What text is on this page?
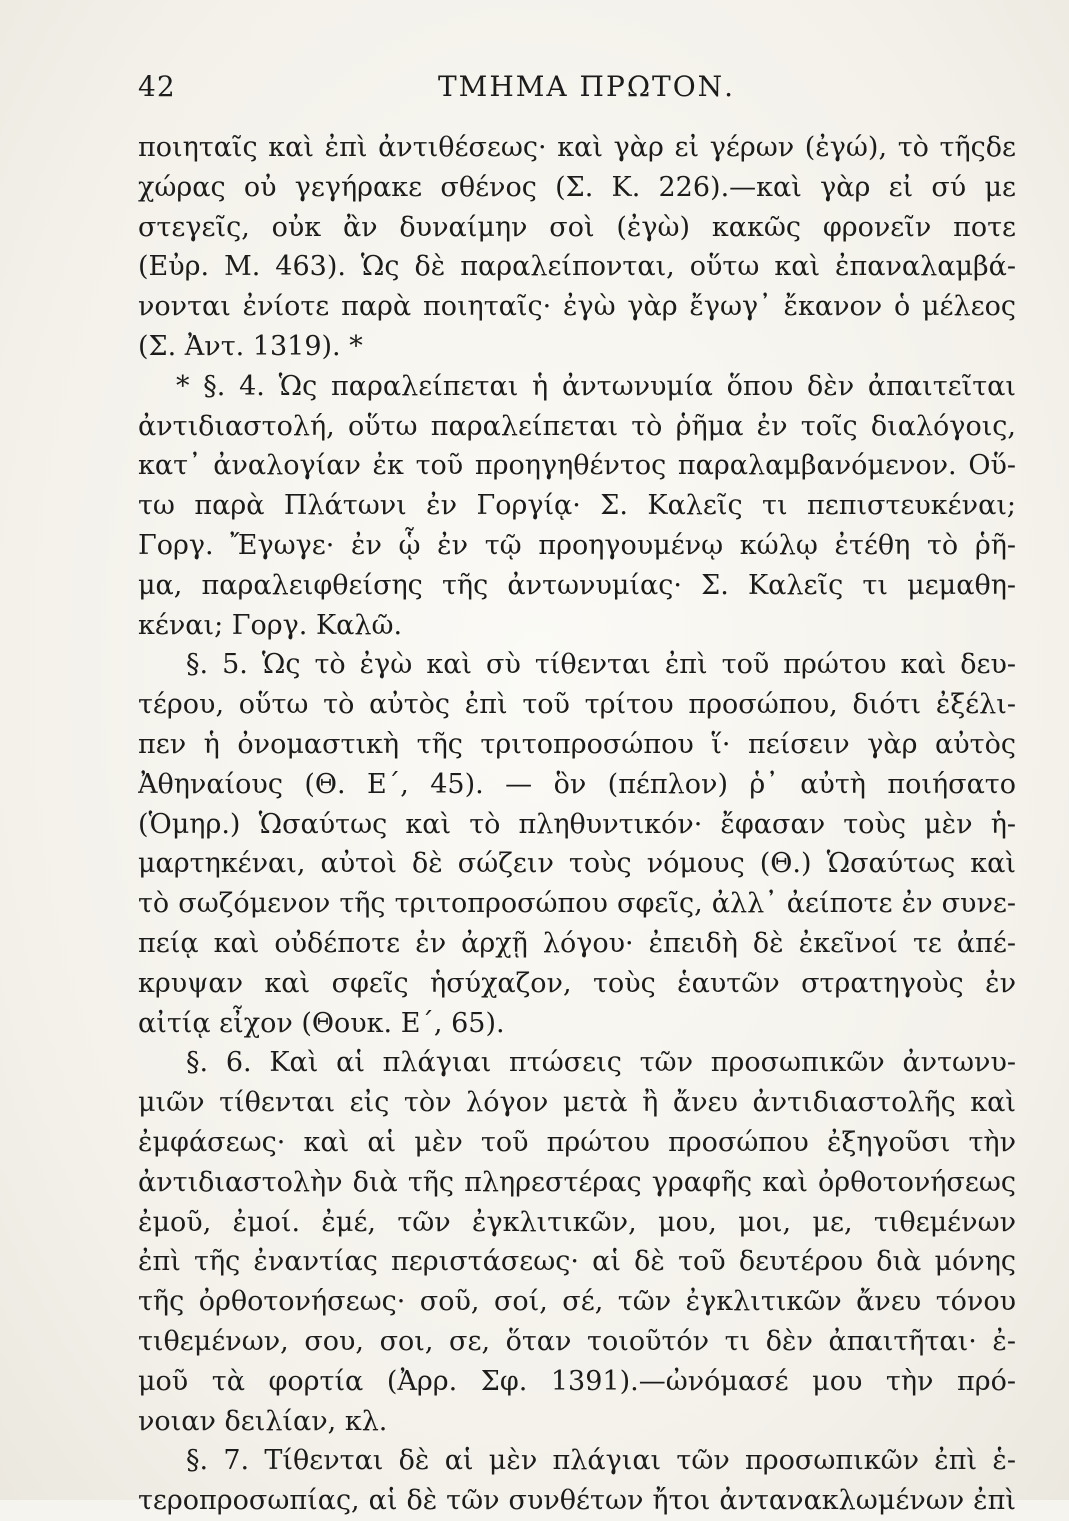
42	ΤΜΗΜΑ ΠΡΩΤΟΝ.
ποιηταῖς καὶ ἐπὶ ἀντιθέσεως· καὶ γὰρ εἰ γέρων (ἐγώ), τὸ τῆςδε
χώρας οὐ γεγήρακε σθένος (Σ. Κ. 226).—καὶ γὰρ εἰ σύ με
στεγεῖς, οὐκ ἂν δυναίμην σοὶ (ἐγὼ) κακῶς φρονεῖν ποτε
(Εὐρ. Μ. 463). Ὡς δὲ παραλείπονται, οὕτω καὶ ἐπαναλαμβά-
νονται ἐνίοτε παρὰ ποιηταῖς· ἐγὼ γὰρ ἔγωγ᾽ ἔκανον ὁ μέλεος
(Σ. Ἀντ. 1319). *
* §. 4. Ὡς παραλείπεται ἡ ἀντωνυμία ὅπου δὲν ἀπαιτεῖται
ἀντιδιαστολή, οὕτω παραλείπεται τὸ ῥῆμα ἐν τοῖς διαλόγοις,
κατ᾽ ἀναλογίαν ἐκ τοῦ προηγηθέντος παραλαμβανόμενον. Οὕ-
τω παρὰ Πλάτωνι ἐν Γοργίᾳ· Σ. Καλεῖς τι πεπιστευκέναι;
Γοργ. Ἔγωγε· ἐν ᾧ ἐν τῷ προηγουμένῳ κώλῳ ἐτέθη τὸ ῥῆ-
μα, παραλειφθείσης τῆς ἀντωνυμίας· Σ. Καλεῖς τι μεμαθη-
κέναι; Γοργ. Καλῶ.
§. 5. Ὡς τὸ ἐγὼ καὶ σὺ τίθενται ἐπὶ τοῦ πρώτου καὶ δευ-
τέρου, οὕτω τὸ αὐτὸς ἐπὶ τοῦ τρίτου προσώπου, διότι ἐξέλι-
πεν ἡ ὀνομαστικὴ τῆς τριτοπροσώπου ἵ· πείσειν γὰρ αὐτὸς
Ἀθηναίους (Θ. Ε΄, 45). — ὃν (πέπλον) ῥ᾽ αὐτὴ ποιήσατο
(Ὁμηρ.) Ὡσαύτως καὶ τὸ πληθυντικόν· ἔφασαν τοὺς μὲν ἡ-
μαρτηκέναι, αὐτοὶ δὲ σώζειν τοὺς νόμους (Θ.) Ὡσαύτως καὶ
τὸ σωζόμενον τῆς τριτοπροσώπου σφεῖς, ἀλλ᾽ ἀείποτε ἐν συνε-
πείᾳ καὶ οὐδέποτε ἐν ἀρχῇ λόγου· ἐπειδὴ δὲ ἐκεῖνοί τε ἀπέ-
κρυψαν καὶ σφεῖς ἡσύχαζον, τοὺς ἑαυτῶν στρατηγοὺς ἐν
αἰτίᾳ εἶχον (Θουκ. Ε΄, 65).
§. 6. Καὶ αἱ πλάγιαι πτώσεις τῶν προσωπικῶν ἀντωνυ-
μιῶν τίθενται εἰς τὸν λόγον μετὰ ἢ ἄνευ ἀντιδιαστολῆς καὶ
ἐμφάσεως· καὶ αἱ μὲν τοῦ πρώτου προσώπου ἐξηγοῦσι τὴν
ἀντιδιαστολὴν διὰ τῆς πληρεστέρας γραφῆς καὶ ὀρθοτονήσεως
ἐμοῦ, ἐμοί. ἐμέ, τῶν ἐγκλιτικῶν, μου, μοι, με, τιθεμένων
ἐπὶ τῆς ἐναντίας περιστάσεως· αἱ δὲ τοῦ δευτέρου διὰ μόνης
τῆς ὀρθοτονήσεως· σοῦ, σοί, σέ, τῶν ἐγκλιτικῶν ἄνευ τόνου
τιθεμένων, σου, σοι, σε, ὅταν τοιοῦτόν τι δὲν ἀπαιτῆται· ἐ-
μοῦ τὰ φορτία (Ἀρρ. Σφ. 1391).—ὠνόμασέ μου τὴν πρό-
νοιαν δειλίαν, κλ.
§. 7. Τίθενται δὲ αἱ μὲν πλάγιαι τῶν προσωπικῶν ἐπὶ ἑ-
τεροπροσωπίας, αἱ δὲ τῶν συνθέτων ἤτοι ἀντανακλωμένων ἐπὶ
